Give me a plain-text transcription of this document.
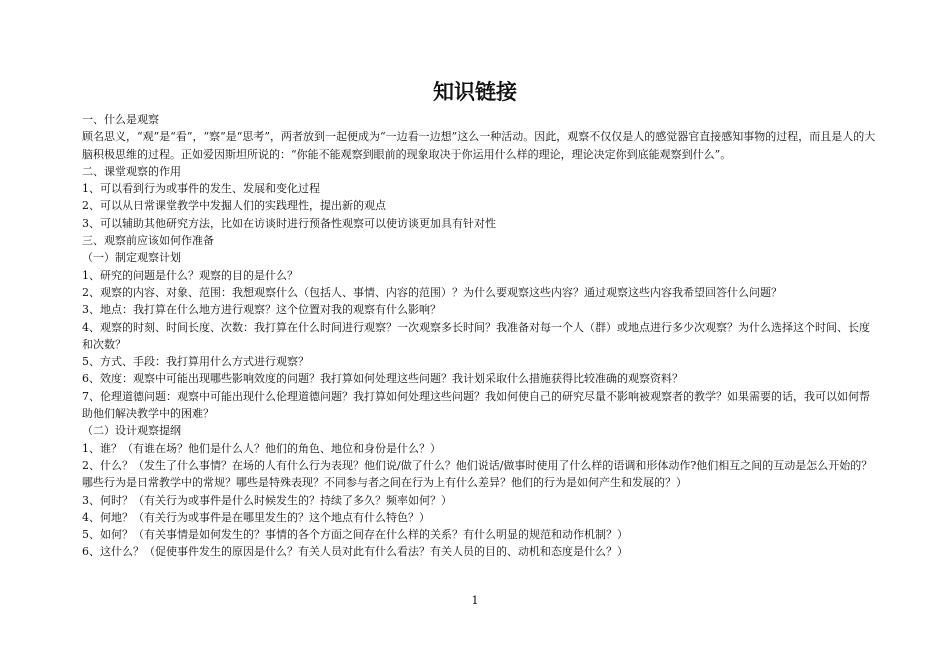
知识链接

一、什么是观察

顾名思义，“观”是“看”，“察”是“思考”，两者放到一起便成为“一边看一边想”这么一种活动。因此，观察不仅仅是人的感觉器官直接感知事物的过程，而且是人的大脑积极思维的过程。正如爱因斯坦所说的：“你能不能观察到眼前的现象取决于你运用什么样的理论，理论决定你到底能观察到什么”。

二、课堂观察的作用

1、可以看到行为或事件的发生、发展和变化过程

2、可以从日常课堂教学中发掘人们的实践理性，提出新的观点

3、可以辅助其他研究方法，比如在访谈时进行预备性观察可以使访谈更加具有针对性

三、观察前应该如何作准备

（一）制定观察计划

1、研究的问题是什么？观察的目的是什么？

2、观察的内容、对象、范围：我想观察什么（包括人、事情、内容的范围）？为什么要观察这些内容？通过观察这些内容我希望回答什么问题？

3、地点：我打算在什么地方进行观察？这个位置对我的观察有什么影响？

4、观察的时刻、时间长度、次数：我打算在什么时间进行观察？一次观察多长时间？我准备对每一个人（群）或地点进行多少次观察？为什么选择这个时间、长度和次数？

5、方式、手段：我打算用什么方式进行观察？

6、效度：观察中可能出现哪些影响效度的问题？我打算如何处理这些问题？我计划采取什么措施获得比较准确的观察资料？

7、伦理道德问题：观察中可能出现什么伦理道德问题？我打算如何处理这些问题？我如何使自己的研究尽量不影响被观察者的教学？如果需要的话，我可以如何帮助他们解决教学中的困难？

（二）设计观察提纲

1、谁？（有谁在场？他们是什么人？他们的角色、地位和身份是什么？）

2、什么？（发生了什么事情？在场的人有什么行为表现？他们说/做了什么？他们说话/做事时使用了什么样的语调和形体动作?他们相互之间的互动是怎么开始的？哪些行为是日常教学中的常规？哪些是特殊表现？不同参与者之间在行为上有什么差异？他们的行为是如何产生和发展的？）

3、何时？（有关行为或事件是什么时候发生的？持续了多久？频率如何？）

4、何地？（有关行为或事件是在哪里发生的？这个地点有什么特色？）

5、如何？（有关事情是如何发生的？事情的各个方面之间存在什么样的关系？有什么明显的规范和动作机制？）

6、这什么？（促使事件发生的原因是什么？有关人员对此有什么看法？有关人员的目的、动机和态度是什么？）

1
